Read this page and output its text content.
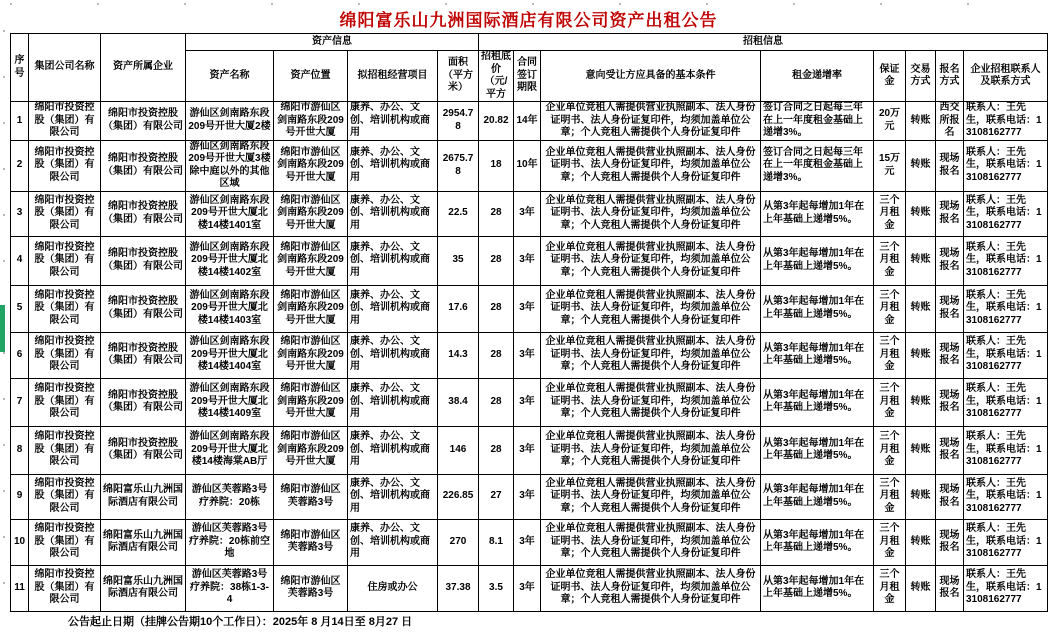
绵阳富乐山九洲国际酒店有限公司资产出租公告
序号	集团公司名称	资产所属企业	资产信息				招租信息							
			资产名称	资产位置	拟招租经营项目	面积（平方米）	招租底价（元/平方	合同签订期限	意向受让方应具备的基本条件	租金递增率	保证金	交易方式	报名方式	企业招租联系人及联系方式
1	绵阳市投资控股（集团）有限公司	绵阳市投资控股（集团）有限公司	游仙区剑南路东段209号开世大厦2楼	绵阳市游仙区剑南路东段209号开世大厦	康养、办公、文创、培训机构或商用	2954.78	20.82	14年	企业单位竞租人需提供营业执照副本、法人身份证明书、法人身份证复印件，均须加盖单位公章；个人竞租人需提供个人身份证复印件	签订合同之日起每三年在上一年度租金基础上递增3%。	20万元	转账	西交所报名	联系人：王先生，联系电话：13108162777
2	绵阳市投资控股（集团）有限公司	绵阳市投资控股（集团）有限公司	游仙区剑南路东段209号开世大厦3楼除中庭以外的其他区域	绵阳市游仙区剑南路东段209号开世大厦	康养、办公、文创、培训机构或商用	2675.78	18	10年	企业单位竞租人需提供营业执照副本、法人身份证明书、法人身份证复印件，均须加盖单位公章；个人竞租人需提供个人身份证复印件	签订合同之日起每三年在上一年度租金基础上递增3%。	15万元	转账	现场报名	联系人：王先生，联系电话：13108162777
3	绵阳市投资控股（集团）有限公司	绵阳市投资控股（集团）有限公司	游仙区剑南路东段209号开世大厦北楼14楼1401室	绵阳市游仙区剑南路东段209号开世大厦	康养、办公、文创、培训机构或商用	22.5	28	3年	企业单位竞租人需提供营业执照副本、法人身份证明书、法人身份证复印件，均须加盖单位公章；个人竞租人需提供个人身份证复印件	从第3年起每增加1年在上年基础上递增5%。	三个月租金	转账	现场报名	联系人：王先生，联系电话：13108162777
4	绵阳市投资控股（集团）有限公司	绵阳市投资控股（集团）有限公司	游仙区剑南路东段209号开世大厦北楼14楼1402室	绵阳市游仙区剑南路东段209号开世大厦	康养、办公、文创、培训机构或商用	35	28	3年	企业单位竞租人需提供营业执照副本、法人身份证明书、法人身份证复印件，均须加盖单位公章；个人竞租人需提供个人身份证复印件	从第3年起每增加1年在上年基础上递增5%。	三个月租金	转账	现场报名	联系人：王先生，联系电话：13108162777
5	绵阳市投资控股（集团）有限公司	绵阳市投资控股（集团）有限公司	游仙区剑南路东段209号开世大厦北楼14楼1403室	绵阳市游仙区剑南路东段209号开世大厦	康养、办公、文创、培训机构或商用	17.6	28	3年	企业单位竞租人需提供营业执照副本、法人身份证明书、法人身份证复印件，均须加盖单位公章；个人竞租人需提供个人身份证复印件	从第3年起每增加1年在上年基础上递增5%。	三个月租金	转账	现场报名	联系人：王先生，联系电话：13108162777
6	绵阳市投资控股（集团）有限公司	绵阳市投资控股（集团）有限公司	游仙区剑南路东段209号开世大厦北楼14楼1404室	绵阳市游仙区剑南路东段209号开世大厦	康养、办公、文创、培训机构或商用	14.3	28	3年	企业单位竞租人需提供营业执照副本、法人身份证明书、法人身份证复印件，均须加盖单位公章；个人竞租人需提供个人身份证复印件	从第3年起每增加1年在上年基础上递增5%。	三个月租金	转账	现场报名	联系人：王先生，联系电话：13108162777
7	绵阳市投资控股（集团）有限公司	绵阳市投资控股（集团）有限公司	游仙区剑南路东段209号开世大厦北楼14楼1409室	绵阳市游仙区剑南路东段209号开世大厦	康养、办公、文创、培训机构或商用	38.4	28	3年	企业单位竞租人需提供营业执照副本、法人身份证明书、法人身份证复印件，均须加盖单位公章；个人竞租人需提供个人身份证复印件	从第3年起每增加1年在上年基础上递增5%。	三个月租金	转账	现场报名	联系人：王先生，联系电话：13108162777
8	绵阳市投资控股（集团）有限公司	绵阳市投资控股（集团）有限公司	游仙区剑南路东段209号开世大厦北楼14楼海棠AB厅	绵阳市游仙区剑南路东段209号开世大厦	康养、办公、文创、培训机构或商用	146	28	3年	企业单位竞租人需提供营业执照副本、法人身份证明书、法人身份证复印件，均须加盖单位公章；个人竞租人需提供个人身份证复印件	从第3年起每增加1年在上年基础上递增5%。	三个月租金	转账	现场报名	联系人：王先生，联系电话：13108162777
9	绵阳市投资控股（集团）有限公司	绵阳富乐山九洲国际酒店有限公司	游仙区芙蓉路3号疗养院：20栋	绵阳市游仙区芙蓉路3号	康养、办公、文创、培训机构或商用	226.85	27	3年	企业单位竞租人需提供营业执照副本、法人身份证明书、法人身份证复印件，均须加盖单位公章；个人竞租人需提供个人身份证复印件	从第3年起每增加1年在上年基础上递增5%。	三个月租金	转账	现场报名	联系人：王先生，联系电话：13108162777
10	绵阳市投资控股（集团）有限公司	绵阳富乐山九洲国际酒店有限公司	游仙区芙蓉路3号疗养院：20栋前空地	绵阳市游仙区芙蓉路3号	康养、办公、文创、培训机构或商用	270	8.1	3年	企业单位竞租人需提供营业执照副本、法人身份证明书、法人身份证复印件，均须加盖单位公章；个人竞租人需提供个人身份证复印件	从第3年起每增加1年在上年基础上递增5%。	三个月租金	转账	现场报名	联系人：王先生，联系电话：13108162777
11	绵阳市投资控股（集团）有限公司	绵阳富乐山九洲国际酒店有限公司	游仙区芙蓉路3号疗养院：38栋1-3-4	绵阳市游仙区芙蓉路3号	住房或办公	37.38	3.5	3年	企业单位竞租人需提供营业执照副本、法人身份证明书、法人身份证复印件，均须加盖单位公章；个人竞租人需提供个人身份证复印件	从第3年起每增加1年在上年基础上递增5%。	三个月租金	转账	现场报名	联系人：王先生，联系电话：13108162777
公告起止日期（挂牌公告期10个工作日）：2025年 8 月14日至 8月27 日
